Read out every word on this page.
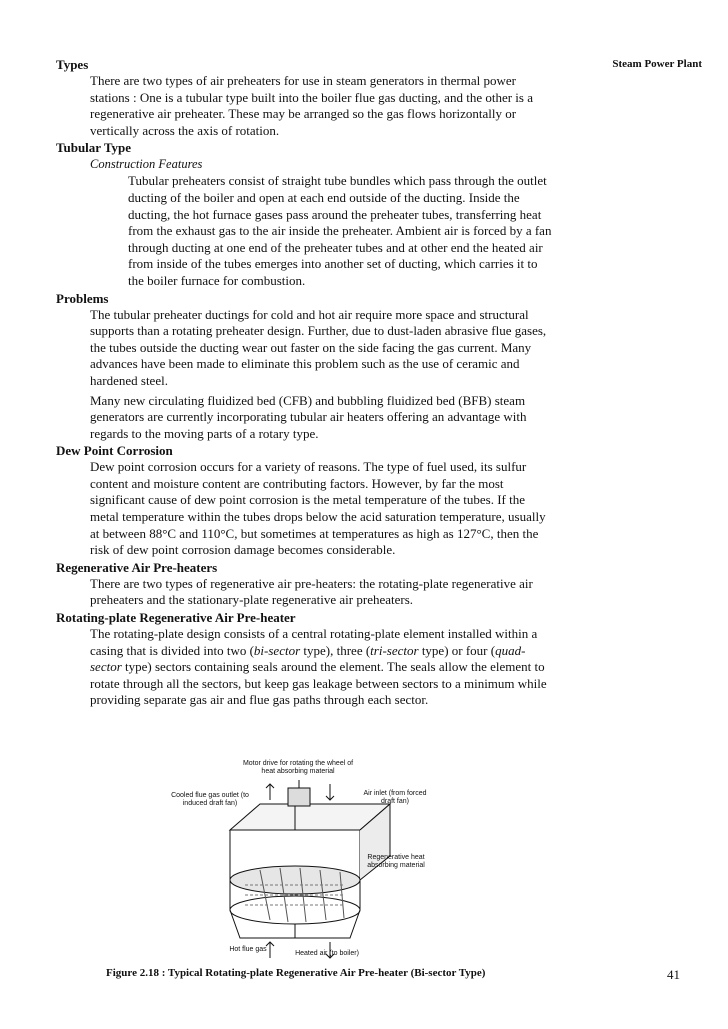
Steam Power Plant

Types

There are two types of air preheaters for use in steam generators in thermal power stations : One is a tubular type built into the boiler flue gas ducting, and the other is a regenerative air preheater. These may be arranged so the gas flows horizontally or vertically across the axis of rotation.

Tubular Type

Construction Features

Tubular preheaters consist of straight tube bundles which pass through the outlet ducting of the boiler and open at each end outside of the ducting. Inside the ducting, the hot furnace gases pass around the preheater tubes, transferring heat from the exhaust gas to the air inside the preheater. Ambient air is forced by a fan through ducting at one end of the preheater tubes and at other end the heated air from inside of the tubes emerges into another set of ducting, which carries it to the boiler furnace for combustion.

Problems

The tubular preheater ductings for cold and hot air require more space and structural supports than a rotating preheater design. Further, due to dust-laden abrasive flue gases, the tubes outside the ducting wear out faster on the side facing the gas current. Many advances have been made to eliminate this problem such as the use of ceramic and hardened steel.

Many new circulating fluidized bed (CFB) and bubbling fluidized bed (BFB) steam generators are currently incorporating tubular air heaters offering an advantage with regards to the moving parts of a rotary type.

Dew Point Corrosion

Dew point corrosion occurs for a variety of reasons. The type of fuel used, its sulfur content and moisture content are contributing factors. However, by far the most significant cause of dew point corrosion is the metal temperature of the tubes. If the metal temperature within the tubes drops below the acid saturation temperature, usually at between 88°C and 110°C, but sometimes at temperatures as high as 127°C, then the risk of dew point corrosion damage becomes considerable.

Regenerative Air Pre-heaters

There are two types of regenerative air pre-heaters: the rotating-plate regenerative air preheaters and the stationary-plate regenerative air preheaters.

Rotating-plate Regenerative Air Pre-heater

The rotating-plate design consists of a central rotating-plate element installed within a casing that is divided into two (bi-sector type), three (tri-sector type) or four (quad-sector type) sectors containing seals around the element. The seals allow the element to rotate through all the sectors, but keep gas leakage between sectors to a minimum while providing separate gas air and flue gas paths through each sector.

Motor drive for rotating the wheel of heat absorbing material
Cooled flue gas outlet (to induced draft fan)
Air inlet (from forced draft fan)
Regenerative heat absorbing material
Hot flue gas
Heated air (to boiler)
Figure 2.18 : Typical Rotating-plate Regenerative Air Pre-heater (Bi-sector Type)	41
